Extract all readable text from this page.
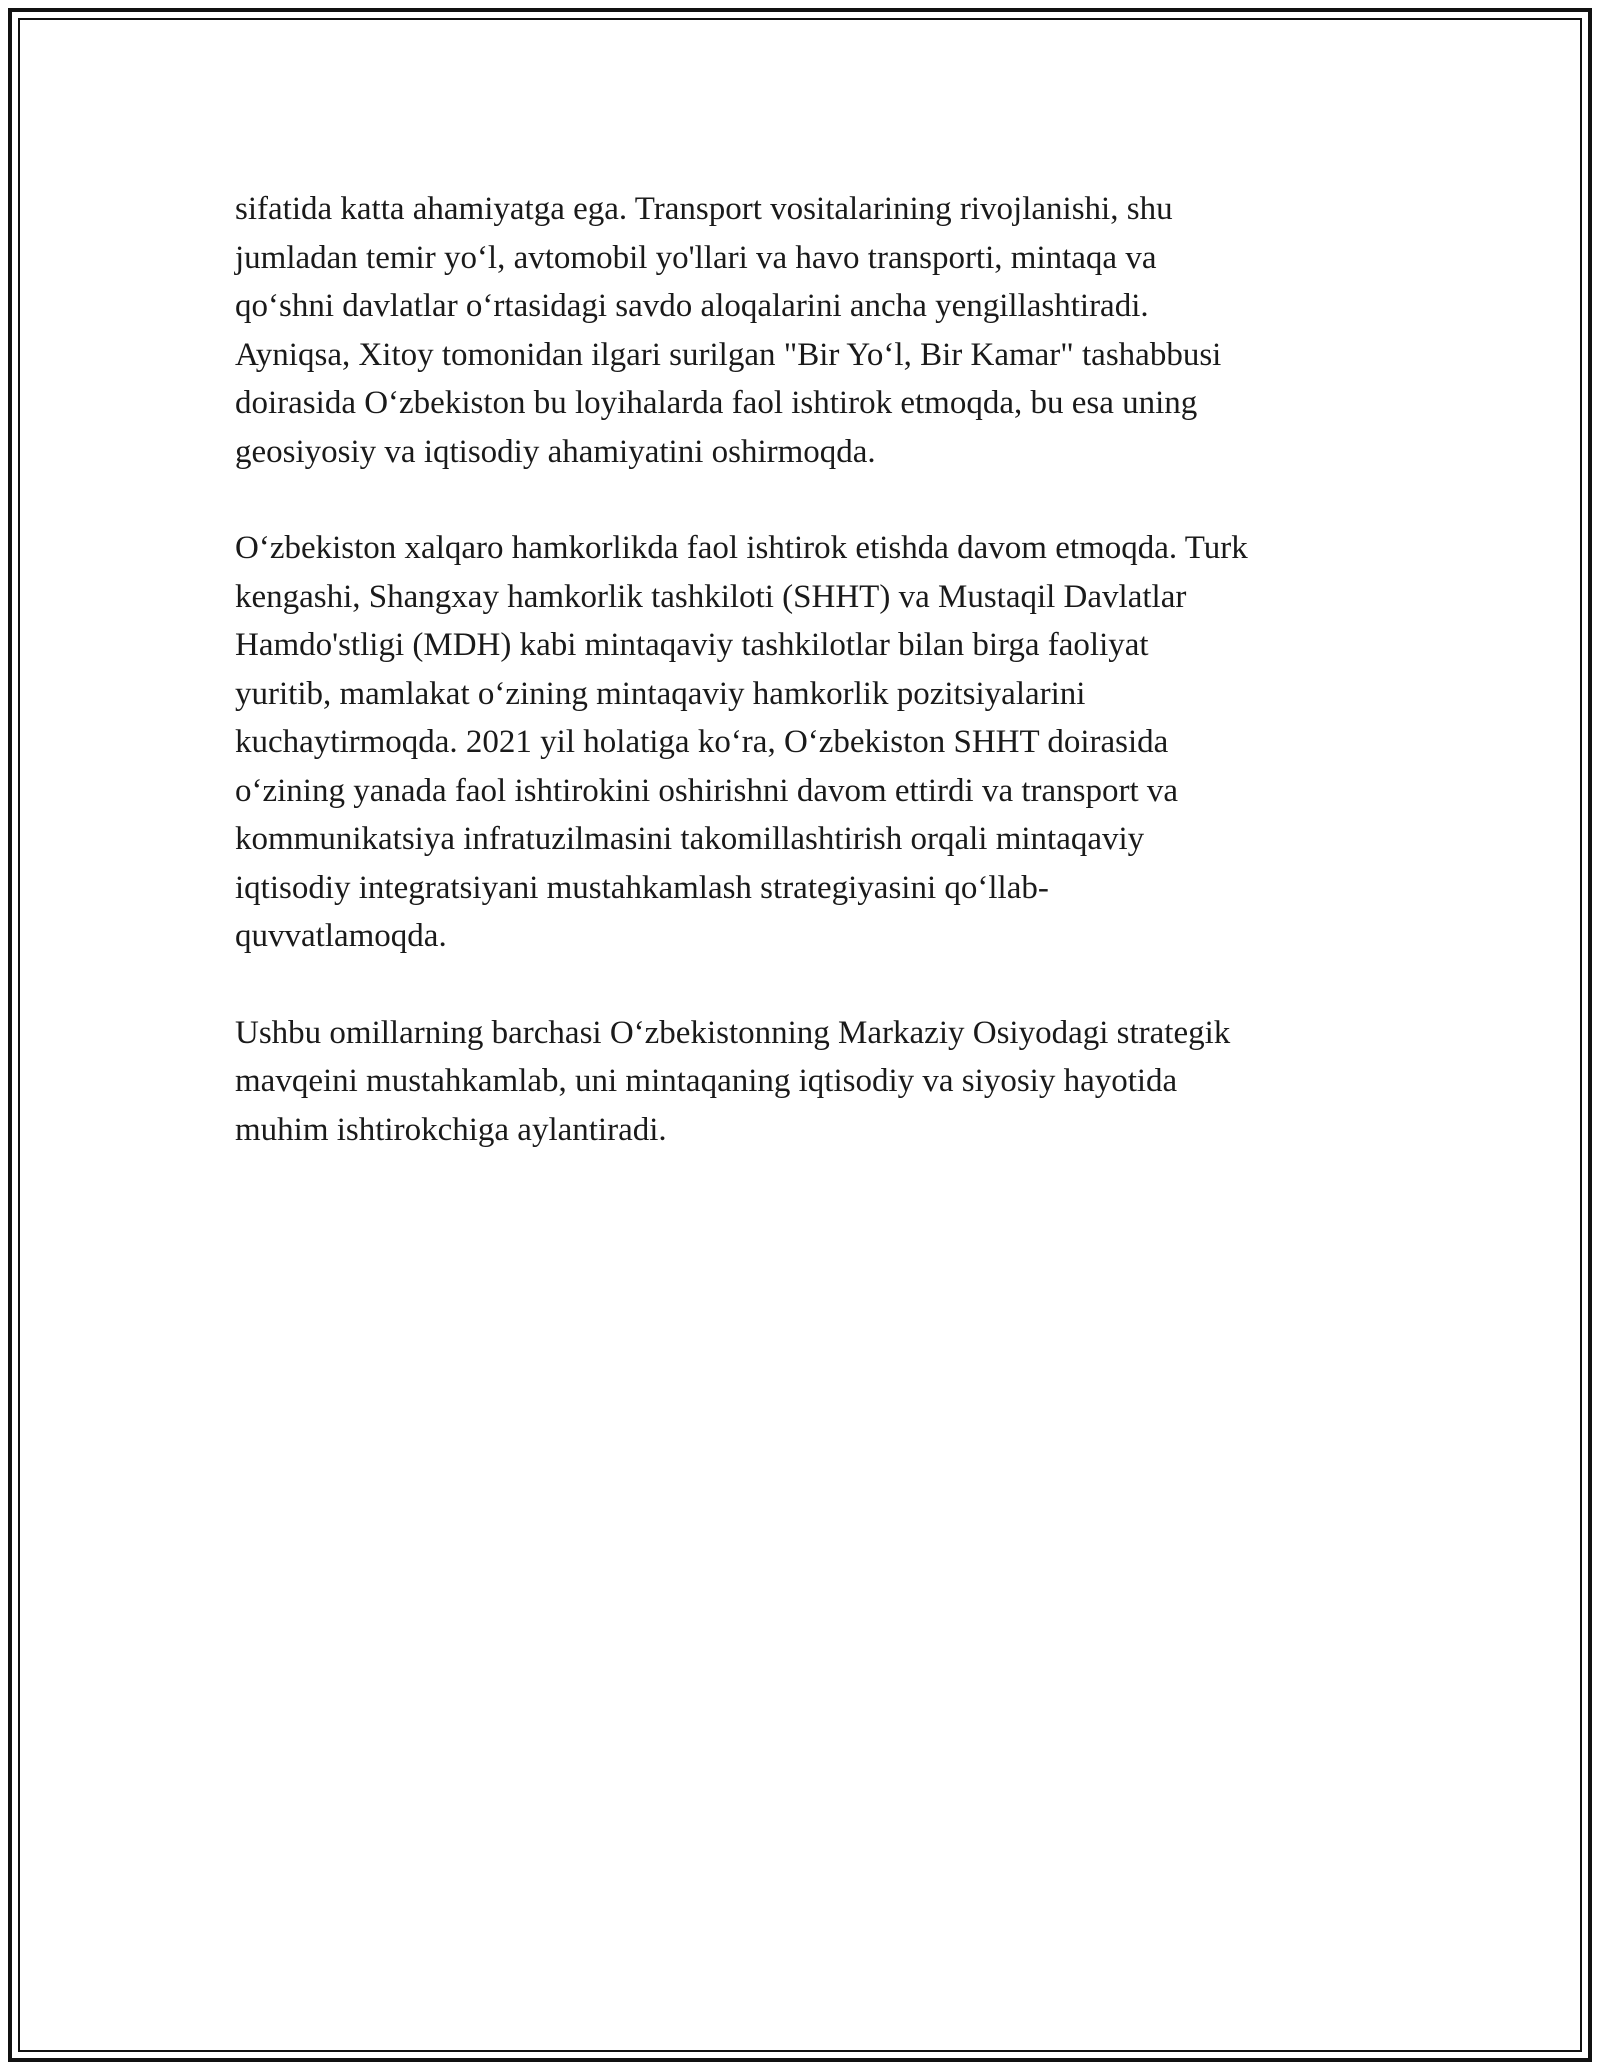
sifatida katta ahamiyatga ega. Transport vositalarining rivojlanishi, shu
jumladan temir yo‘l, avtomobil yo'llari va havo transporti, mintaqa va
qo‘shni davlatlar o‘rtasidagi savdo aloqalarini ancha yengillashtiradi.
Ayniqsa, Xitoy tomonidan ilgari surilgan "Bir Yo‘l, Bir Kamar" tashabbusi
doirasida O‘zbekiston bu loyihalarda faol ishtirok etmoqda, bu esa uning
geosiyosiy va iqtisodiy ahamiyatini oshirmoqda.

O‘zbekiston xalqaro hamkorlikda faol ishtirok etishda davom etmoqda. Turk
kengashi, Shangxay hamkorlik tashkiloti (SHHT) va Mustaqil Davlatlar
Hamdo'stligi (MDH) kabi mintaqaviy tashkilotlar bilan birga faoliyat
yuritib, mamlakat o‘zining mintaqaviy hamkorlik pozitsiyalarini
kuchaytirmoqda. 2021 yil holatiga ko‘ra, O‘zbekiston SHHT doirasida
o‘zining yanada faol ishtirokini oshirishni davom ettirdi va transport va
kommunikatsiya infratuzilmasini takomillashtirish orqali mintaqaviy
iqtisodiy integratsiyani mustahkamlash strategiyasini qo‘llab-
quvvatlamoqda.

Ushbu omillarning barchasi O‘zbekistonning Markaziy Osiyodagi strategik
mavqeini mustahkamlab, uni mintaqaning iqtisodiy va siyosiy hayotida
muhim ishtirokchiga aylantiradi.
